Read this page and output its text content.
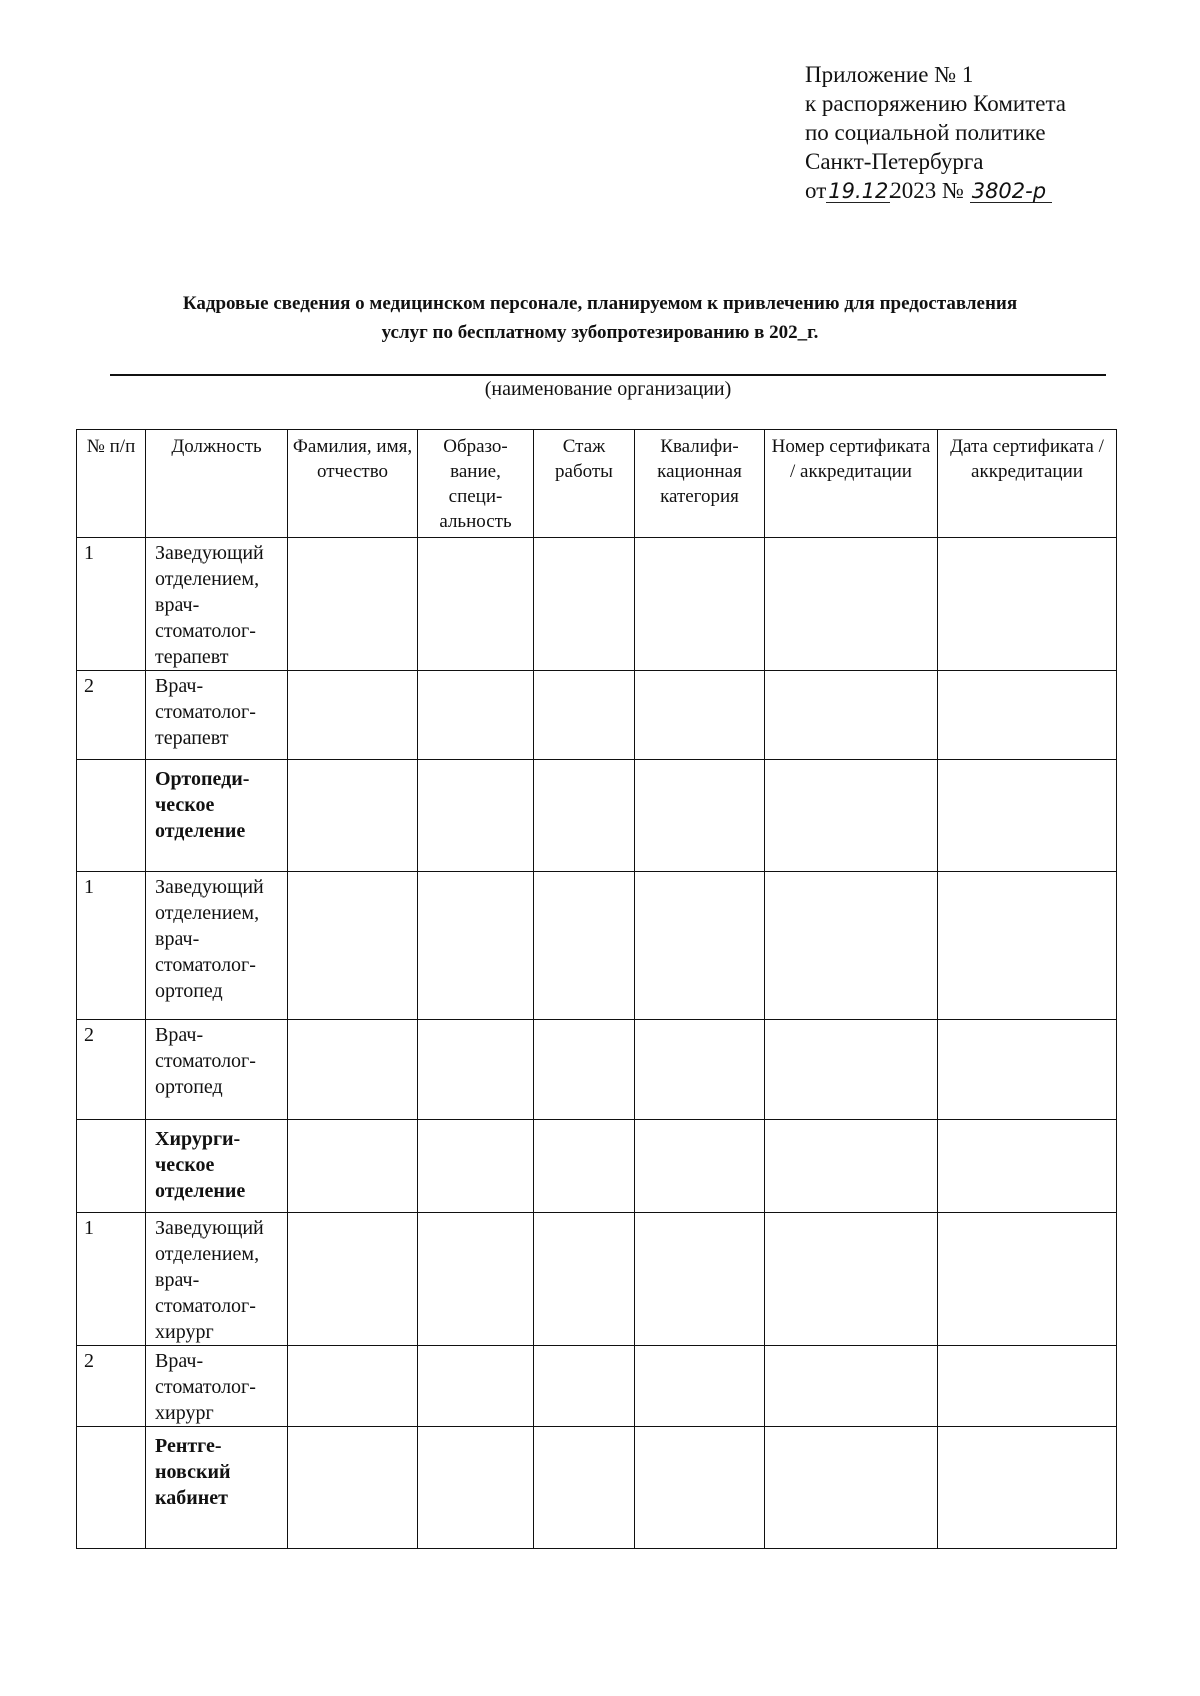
Приложение № 1
к распоряжению Комитета
по социальной политике
Санкт-Петербурга
от19.12.2023 № 3802-р
Кадровые сведения о медицинском персонале, планируемом к привлечению для предоставления
услуг по бесплатному зубопротезированию в 202_г.
(наименование организации)
№ п/п	Должность	Фамилия, имя, отчество	Образо-вание, специ-альность	Стаж работы	Квалифи-кационная категория	Номер сертификата / аккредитации	Дата сертификата / аккредитации
1	Заведующий отделением, врач-стоматолог-терапевт						
2	Врач-стоматолог-терапевт						
	Ортопеди-ческое отделение						
1	Заведующий отделением, врач-стоматолог-ортопед						
2	Врач-стоматолог-ортопед						
	Хирурги-ческое отделение						
1	Заведующий отделением, врач-стоматолог-хирург						
2	Врач-стоматолог-хирург						
	Рентге-новский кабинет						
